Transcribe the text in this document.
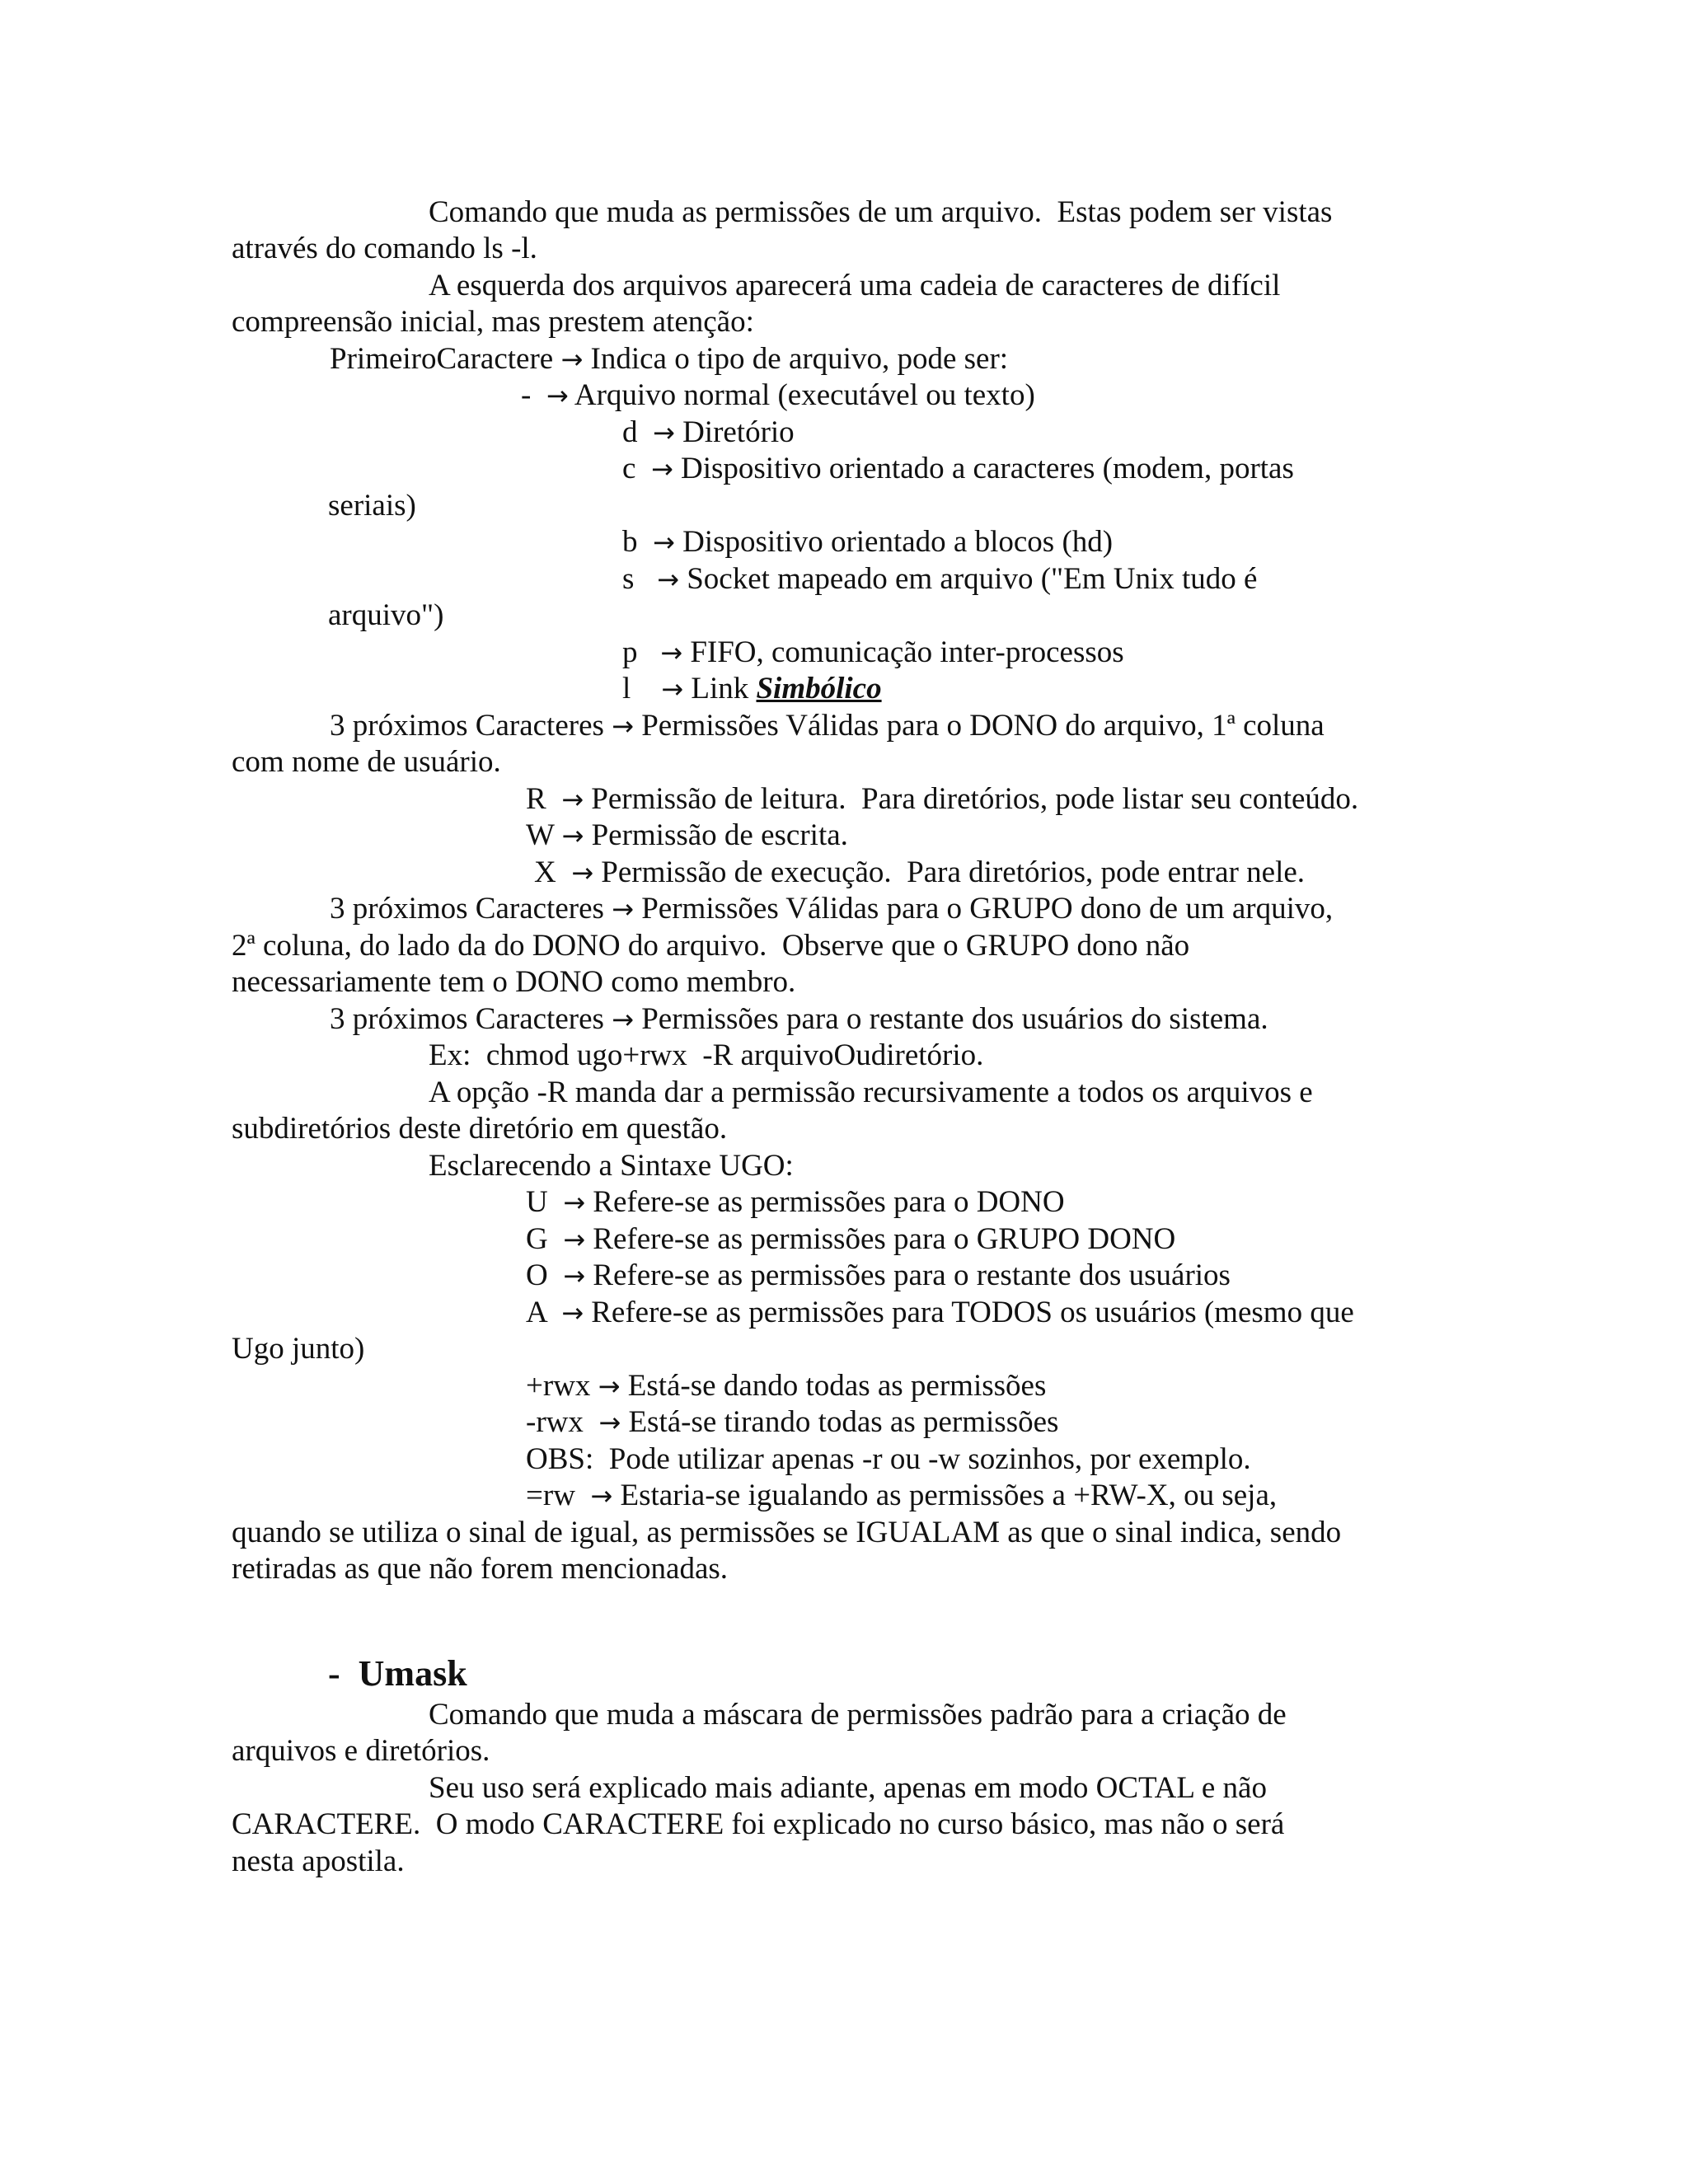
Comando que muda as permissões de um arquivo.  Estas podem ser vistas
através do comando ls -l.
A esquerda dos arquivos aparecerá uma cadeia de caracteres de difícil
compreensão inicial, mas prestem atenção:
PrimeiroCaractere → Indica o tipo de arquivo, pode ser:
- → Arquivo normal (executável ou texto)
d → Diretório
c → Dispositivo orientado a caracteres (modem, portas
seriais)
b → Dispositivo orientado a blocos (hd)
s → Socket mapeado em arquivo ("Em Unix tudo é
arquivo")
p → FIFO, comunicação inter-processos
l → Link Simbólico
3 próximos Caracteres → Permissões Válidas para o DONO do arquivo, 1ª coluna
com nome de usuário.
R → Permissão de leitura.  Para diretórios, pode listar seu conteúdo.
W → Permissão de escrita.
X → Permissão de execução.  Para diretórios, pode entrar nele.
3 próximos Caracteres → Permissões Válidas para o GRUPO dono de um arquivo,
2ª coluna, do lado da do DONO do arquivo.  Observe que o GRUPO dono não
necessariamente tem o DONO como membro.
3 próximos Caracteres → Permissões para o restante dos usuários do sistema.
Ex:  chmod ugo+rwx  -R arquivoOudiretório.
A opção -R manda dar a permissão recursivamente a todos os arquivos e
subdiretórios deste diretório em questão.
Esclarecendo a Sintaxe UGO:
U → Refere-se as permissões para o DONO
G → Refere-se as permissões para o GRUPO DONO
O → Refere-se as permissões para o restante dos usuários
A → Refere-se as permissões para TODOS os usuários (mesmo que
Ugo junto)
+rwx → Está-se dando todas as permissões
-rwx → Está-se tirando todas as permissões
OBS:  Pode utilizar apenas -r ou -w sozinhos, por exemplo.
=rw → Estaria-se igualando as permissões a +RW-X, ou seja,
quando se utiliza o sinal de igual, as permissões se IGUALAM as que o sinal indica, sendo
retiradas as que não forem mencionadas.
-  Umask
Comando que muda a máscara de permissões padrão para a criação de
arquivos e diretórios.
Seu uso será explicado mais adiante, apenas em modo OCTAL e não
CARACTERE.  O modo CARACTERE foi explicado no curso básico, mas não o será
nesta apostila.
